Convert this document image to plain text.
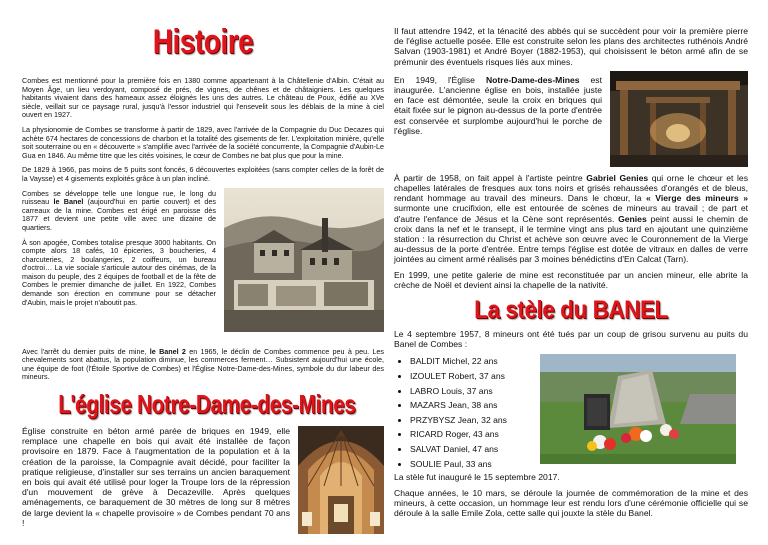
Histoire

Combes est mentionné pour la première fois en 1380 comme appartenant à la Châtellenie d'Albin. C'était au Moyen Âge, un lieu verdoyant, composé de prés, de vignes, de chênes et de châtaigniers. Les quelques habitants vivaient dans des hameaux assez éloignés les uns des autres. Le château de Poux, édifié au XVe siècle, veillait sur ce paysage rural, jusqu'à l'essor industriel qui l'ensevelit sous les déblais de la mine à ciel ouvert en 1927.

La physionomie de Combes se transforme à partir de 1829, avec l'arrivée de la Compagnie du Duc Decazes qui achète 674 hectares de concessions de charbon et la totalité des gisements de fer. L'exploitation minière, qu'elle soit souterraine ou en « découverte » s'amplifie avec l'arrivée de la société concurrente, la Compagnie d'Aubin-Le Gua en 1846. Au même titre que les cités voisines, le cœur de Combes ne bat plus que pour la mine.

De 1829 à 1966, pas moins de 5 puits sont foncés, 6 découvertes exploitées (sans compter celles de la forêt de la Vaysse) et 4 gisements exploités grâce à un plan incliné.

Combes se développe telle une longue rue, le long du ruisseau le Banel (aujourd'hui en partie couvert) et des carreaux de la mine. Combes est érigé en paroisse dès 1877 et devient une petite ville avec une dizaine de quartiers.

À son apogée, Combes totalise presque 3000 habitants. On compte alors 18 cafés, 10 épiceries, 3 boucheries, 4 charcuteries, 2 boulangeries, 2 coiffeurs, un bureau d'octroi… La vie sociale s'articule autour des cinémas, de la maison du peuple, des 2 équipes de football et de la fête de Combes le premier dimanche de juillet. En 1922, Combes demande son érection en commune pour se détacher d'Aubin, mais le projet n'aboutit pas.

Avec l'arrêt du dernier puits de mine, le Banel 2 en 1965, le déclin de Combes commence peu à peu. Les chevalements sont abattus, la population diminue, les commerces ferment… Subsistent aujourd'hui une école, une équipe de foot (l'Étoile Sportive de Combes) et l'Église Notre-Dame-des-Mines, symbole du dur labeur des mineurs.

L'église Notre-Dame-des-Mines

Église construite en béton armé parée de briques en 1949, elle remplace une chapelle en bois qui avait été installée de façon provisoire en 1879. Face à l'augmentation de la population et à la création de la paroisse, la Compagnie avait décidé, pour faciliter la pratique religieuse, d'installer sur ses terrains un ancien baraquement en bois qui avait été utilisé pour loger la Troupe lors de la répression d'un mouvement de grève à Decazeville. Après quelques aménagements, ce baraquement de 30 mètres de long sur 8 mètres de large devient la « chapelle provisoire » de Combes pendant 70 ans !

Il faut attendre 1942, et la ténacité des abbés qui se succèdent pour voir la première pierre de l'église actuelle posée. Elle est construite selon les plans des architectes ruthénois André Salvan (1903-1981) et André Boyer (1882-1953), qui choisissent le béton armé afin de se prémunir des éventuels risques liés aux mines.

En 1949, l'Église Notre-Dame-des-Mines est inaugurée. L'ancienne église en bois, installée juste en face est démontée, seule la croix en briques qui était fixée sur le pignon au-dessus de la porte d'entrée est conservée et surplombe aujourd'hui le porche de l'église.

À partir de 1958, on fait appel à l'artiste peintre Gabriel Genies qui orne le chœur et les chapelles latérales de fresques aux tons noirs et grisés rehaussées d'orangés et de bleus, rendant hommage au travail des mineurs. Dans le chœur, la « Vierge des mineurs » surmonte une crucifixion, elle est entourée de scènes de mineurs au travail ; de part et d'autre l'enfance de Jésus et la Cène sont représentés. Genies peint aussi le chemin de croix dans la nef et le transept, il le termine vingt ans plus tard en ajoutant une quinzième station : la résurrection du Christ et achève son œuvre avec le Couronnement de la Vierge au-dessus de la porte d'entrée. Entre temps l'église est dotée de vitraux en dalles de verre jointées au ciment armé réalisés par 3 moines bénédictins d'En Calcat (Tarn).

En 1999, une petite galerie de mine est reconstituée par un ancien mineur, elle abrite la crèche de Noël et devient ainsi la chapelle de la nativité.

La stèle du BANEL

Le 4 septembre 1957, 8 mineurs ont été tués par un coup de grisou survenu au puits du Banel de Combes :

BALDIT Michel, 22 ans
IZOULET Robert, 37 ans
LABRO Louis, 37 ans
MAZARS Jean, 38 ans
PRZYBYSZ Jean, 32 ans
RICARD Roger, 43 ans
SALVAT Daniel, 47 ans
SOULIE Paul, 33 ans

La stèle fut inauguré le 15 septembre 2017.

Chaque années, le 10 mars, se déroule la journée de commémoration de la mine et des mineurs, à cette occasion, un hommage leur est rendu lors d'une cérémonie officielle qui se déroule à la salle Emile Zola, cette salle qui jouxte la stèle du Banel.
